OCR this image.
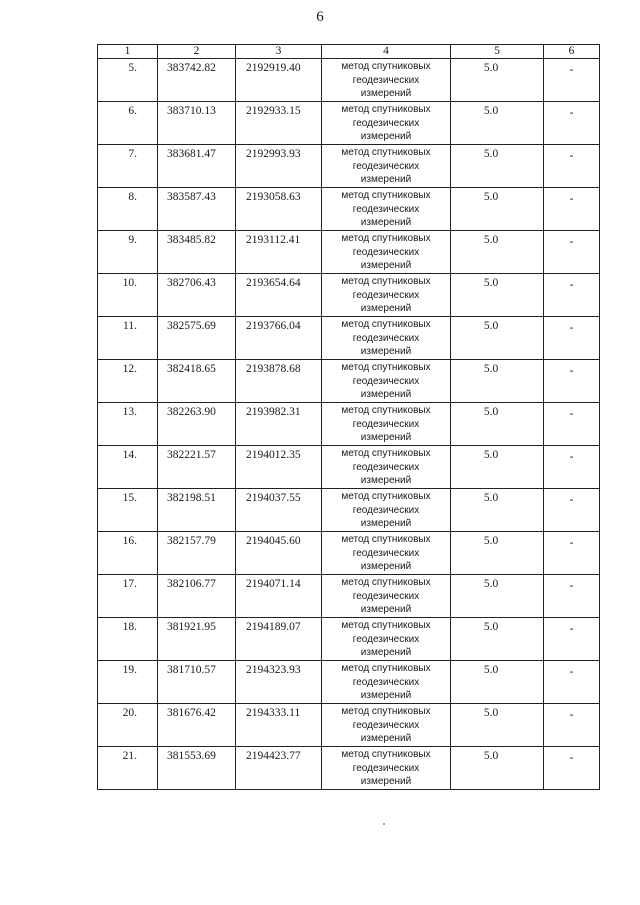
6
1	2	3	4	5	6
5.	383742.82	2192919.40	метод спутниковых
геодезических
измерений	5.0	-
6.	383710.13	2192933.15	метод спутниковых
геодезических
измерений	5.0	-
7.	383681.47	2192993.93	метод спутниковых
геодезических
измерений	5.0	-
8.	383587.43	2193058.63	метод спутниковых
геодезических
измерений	5.0	-
9.	383485.82	2193112.41	метод спутниковых
геодезических
измерений	5.0	-
10.	382706.43	2193654.64	метод спутниковых
геодезических
измерений	5.0	-
11.	382575.69	2193766.04	метод спутниковых
геодезических
измерений	5.0	-
12.	382418.65	2193878.68	метод спутниковых
геодезических
измерений	5.0	-
13.	382263.90	2193982.31	метод спутниковых
геодезических
измерений	5.0	-
14.	382221.57	2194012.35	метод спутниковых
геодезических
измерений	5.0	-
15.	382198.51	2194037.55	метод спутниковых
геодезических
измерений	5.0	-
16.	382157.79	2194045.60	метод спутниковых
геодезических
измерений	5.0	-
17.	382106.77	2194071.14	метод спутниковых
геодезических
измерений	5.0	-
18.	381921.95	2194189.07	метод спутниковых
геодезических
измерений	5.0	-
19.	381710.57	2194323.93	метод спутниковых
геодезических
измерений	5.0	-
20.	381676.42	2194333.11	метод спутниковых
геодезических
измерений	5.0	-
21.	381553.69	2194423.77	метод спутниковых
геодезических
измерений	5.0	-
